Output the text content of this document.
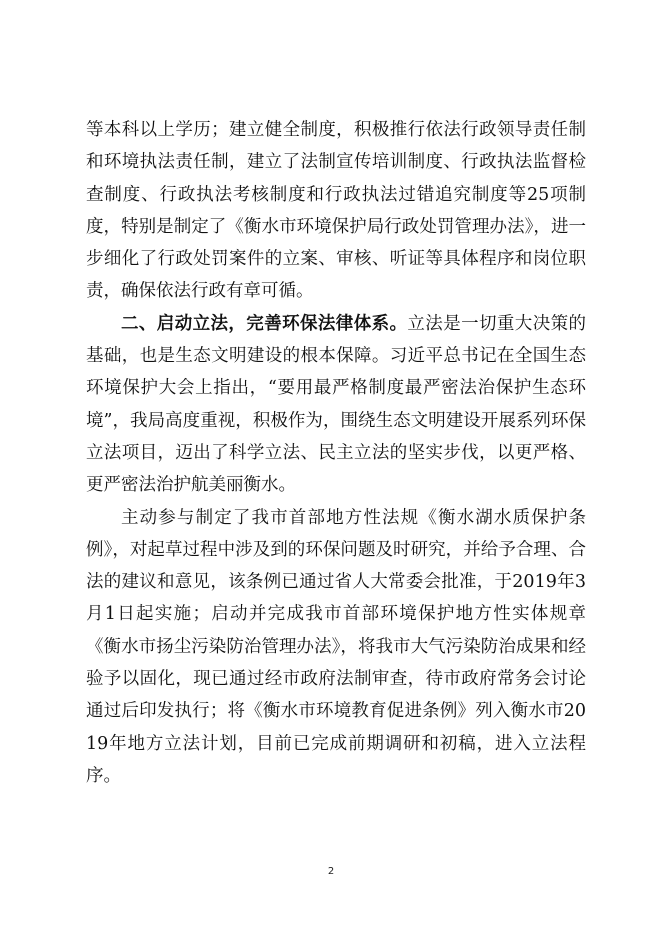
等本科以上学历；建立健全制度，积极推行依法行政领导责任制和环境执法责任制，建立了法制宣传培训制度、行政执法监督检查制度、行政执法考核制度和行政执法过错追究制度等25项制度，特别是制定了《衡水市环境保护局行政处罚管理办法》，进一步细化了行政处罚案件的立案、审核、听证等具体程序和岗位职责，确保依法行政有章可循。

二、启动立法，完善环保法律体系。立法是一切重大决策的基础，也是生态文明建设的根本保障。习近平总书记在全国生态环境保护大会上指出，“要用最严格制度最严密法治保护生态环境”，我局高度重视，积极作为，围绕生态文明建设开展系列环保立法项目，迈出了科学立法、民主立法的坚实步伐，以更严格、更严密法治护航美丽衡水。

主动参与制定了我市首部地方性法规《衡水湖水质保护条例》，对起草过程中涉及到的环保问题及时研究，并给予合理、合法的建议和意见，该条例已通过省人大常委会批准，于2019年3月1日起实施；启动并完成我市首部环境保护地方性实体规章《衡水市扬尘污染防治管理办法》，将我市大气污染防治成果和经验予以固化，现已通过经市政府法制审查，待市政府常务会讨论通过后印发执行；将《衡水市环境教育促进条例》列入衡水市2019年地方立法计划，目前已完成前期调研和初稿，进入立法程序。

2
